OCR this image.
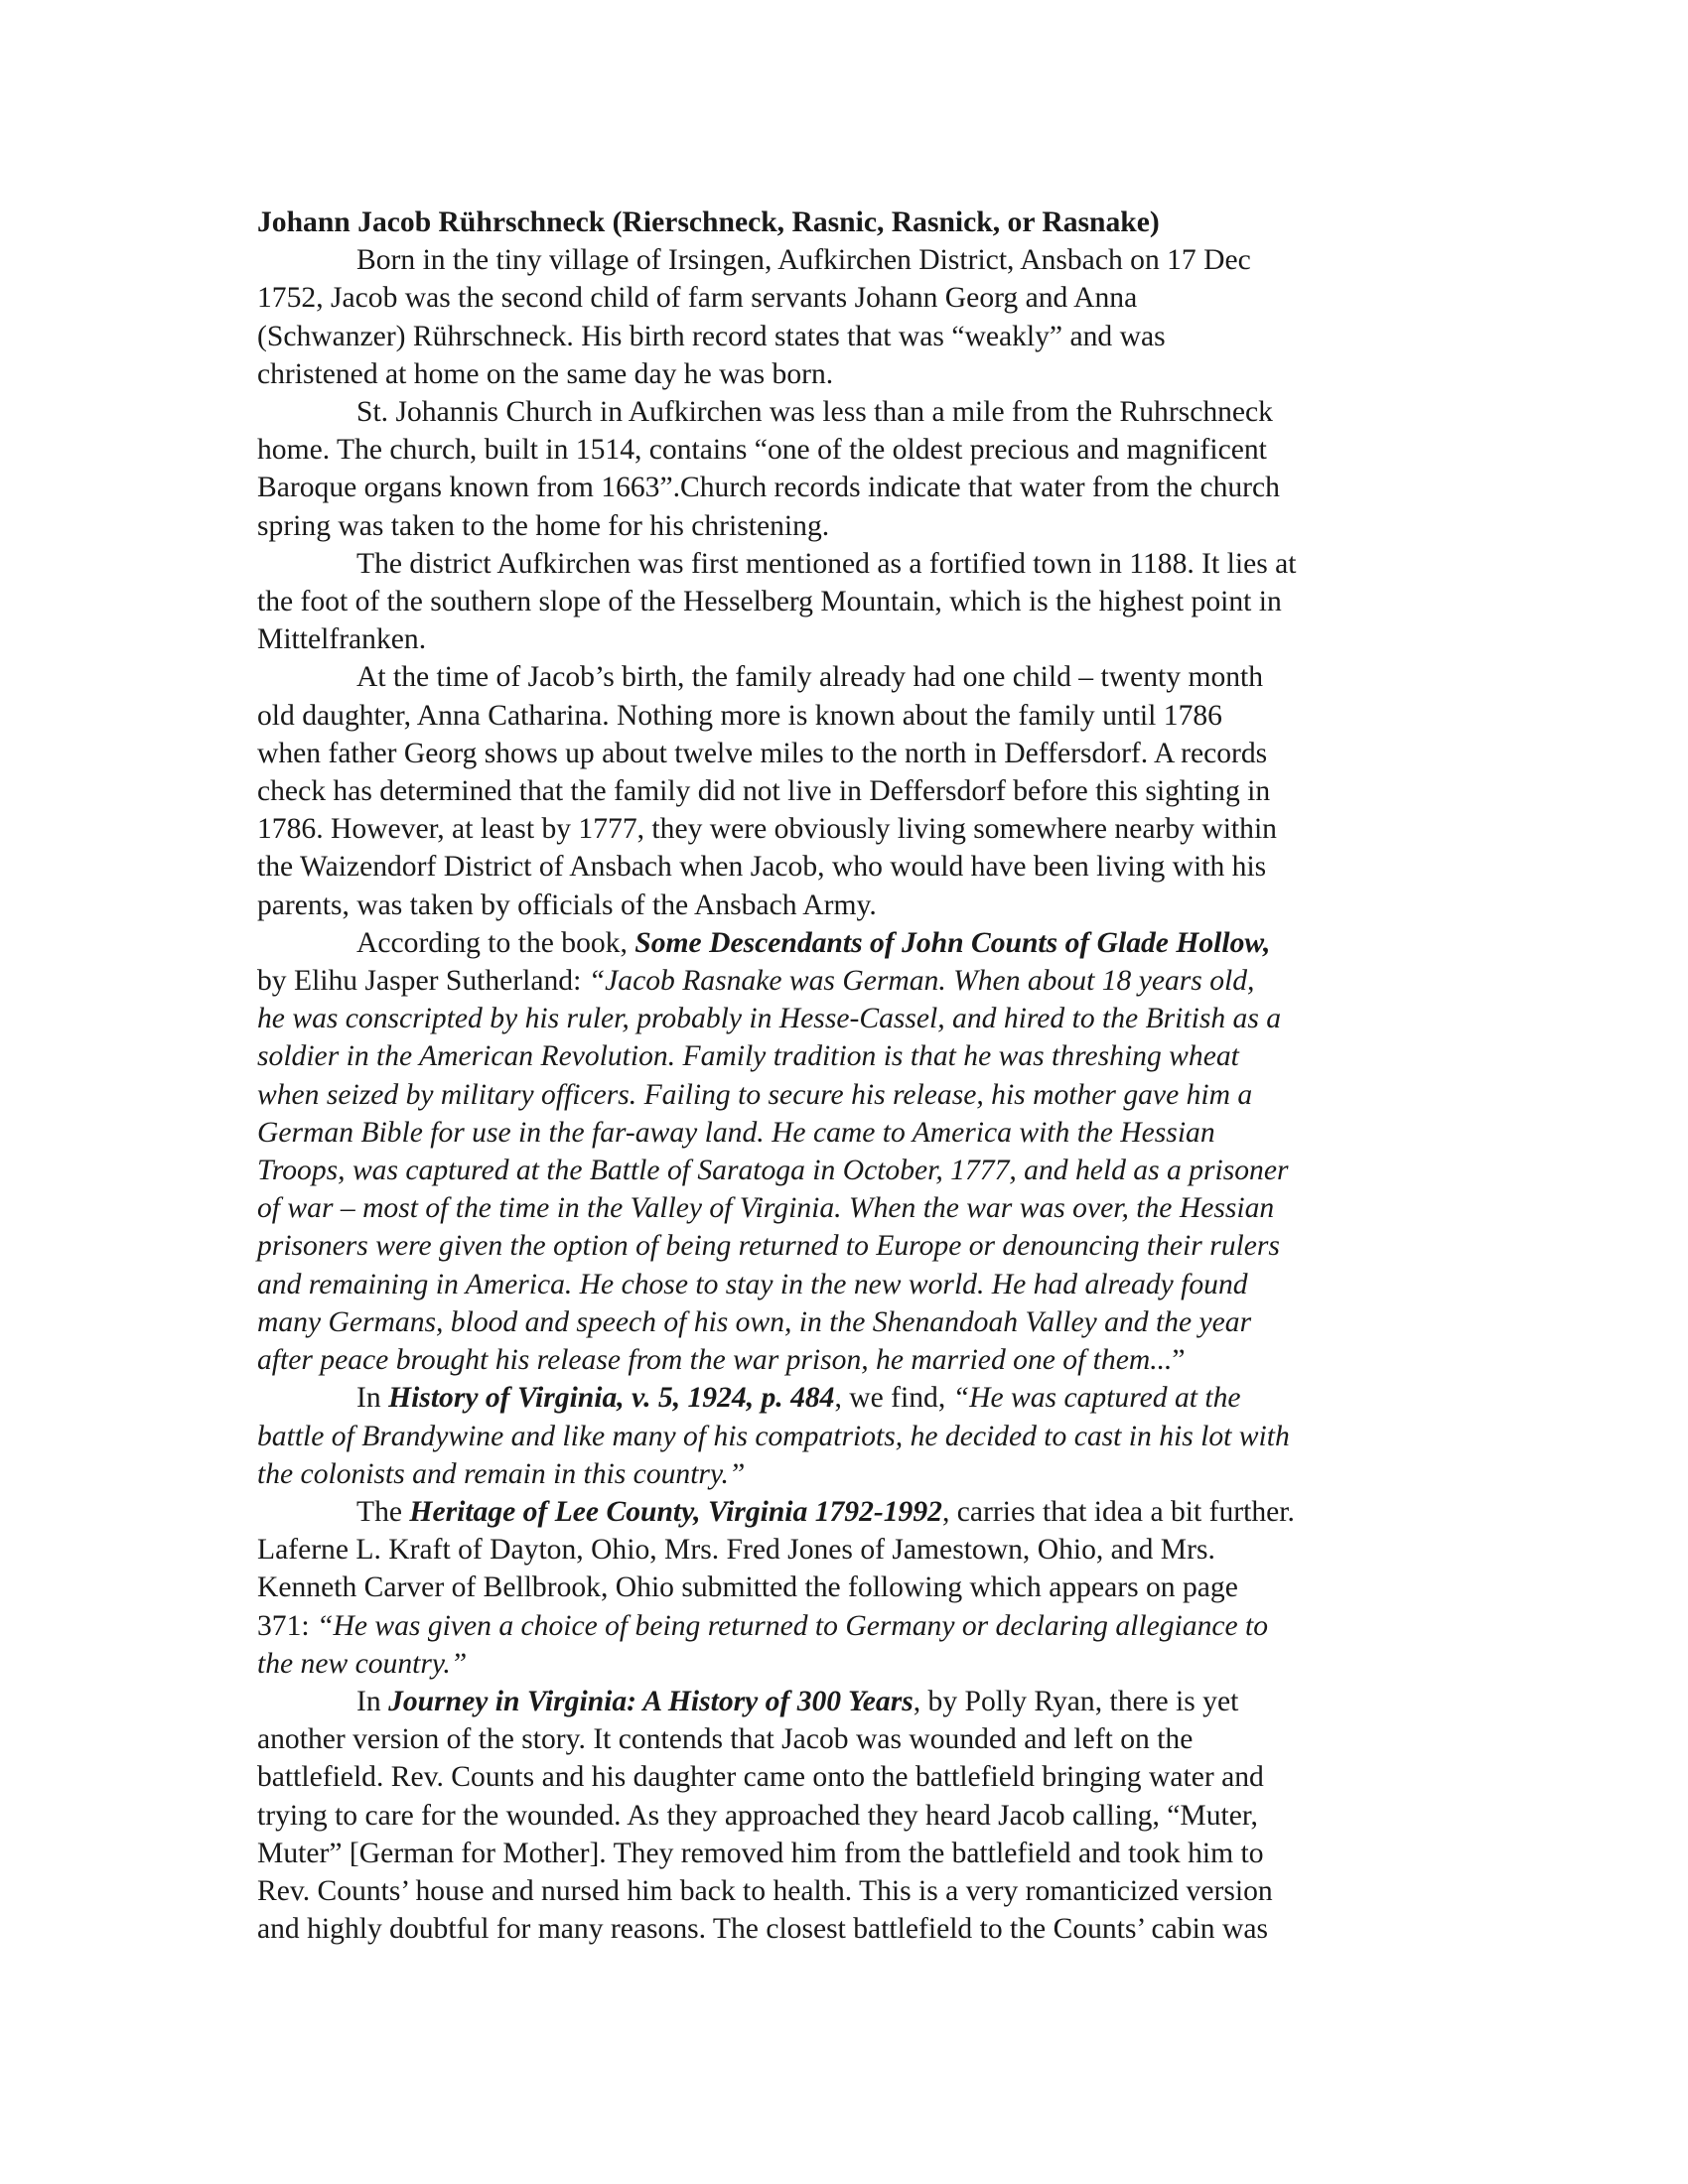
Johann Jacob Rührschneck (Rierschneck, Rasnic, Rasnick, or Rasnake)
Born in the tiny village of Irsingen, Aufkirchen District, Ansbach on 17 Dec
1752, Jacob was the second child of farm servants Johann Georg and Anna
(Schwanzer) Rührschneck. His birth record states that was “weakly” and was
christened at home on the same day he was born.
St. Johannis Church in Aufkirchen was less than a mile from the Ruhrschneck
home. The church, built in 1514, contains “one of the oldest precious and magnificent
Baroque organs known from 1663”.Church records indicate that water from the church
spring was taken to the home for his christening.
The district Aufkirchen was first mentioned as a fortified town in 1188. It lies at
the foot of the southern slope of the Hesselberg Mountain, which is the highest point in
Mittelfranken.
At the time of Jacob’s birth, the family already had one child – twenty month
old daughter, Anna Catharina. Nothing more is known about the family until 1786
when father Georg shows up about twelve miles to the north in Deffersdorf. A records
check has determined that the family did not live in Deffersdorf before this sighting in
1786. However, at least by 1777, they were obviously living somewhere nearby within
the Waizendorf District of Ansbach when Jacob, who would have been living with his
parents, was taken by officials of the Ansbach Army.
According to the book, Some Descendants of John Counts of Glade Hollow,
by Elihu Jasper Sutherland: “Jacob Rasnake was German. When about 18 years old,
he was conscripted by his ruler, probably in Hesse-Cassel, and hired to the British as a
soldier in the American Revolution. Family tradition is that he was threshing wheat
when seized by military officers. Failing to secure his release, his mother gave him a
German Bible for use in the far-away land. He came to America with the Hessian
Troops, was captured at the Battle of Saratoga in October, 1777, and held as a prisoner
of war – most of the time in the Valley of Virginia. When the war was over, the Hessian
prisoners were given the option of being returned to Europe or denouncing their rulers
and remaining in America. He chose to stay in the new world. He had already found
many Germans, blood and speech of his own, in the Shenandoah Valley and the year
after peace brought his release from the war prison, he married one of them...”
In History of Virginia, v. 5, 1924, p. 484, we find, “He was captured at the
battle of Brandywine and like many of his compatriots, he decided to cast in his lot with
the colonists and remain in this country.”
The Heritage of Lee County, Virginia 1792-1992, carries that idea a bit further.
Laferne L. Kraft of Dayton, Ohio, Mrs. Fred Jones of Jamestown, Ohio, and Mrs.
Kenneth Carver of Bellbrook, Ohio submitted the following which appears on page
371: “He was given a choice of being returned to Germany or declaring allegiance to
the new country.”
In Journey in Virginia: A History of 300 Years, by Polly Ryan, there is yet
another version of the story. It contends that Jacob was wounded and left on the
battlefield. Rev. Counts and his daughter came onto the battlefield bringing water and
trying to care for the wounded. As they approached they heard Jacob calling, “Muter,
Muter” [German for Mother]. They removed him from the battlefield and took him to
Rev. Counts’ house and nursed him back to health. This is a very romanticized version
and highly doubtful for many reasons. The closest battlefield to the Counts’ cabin was
